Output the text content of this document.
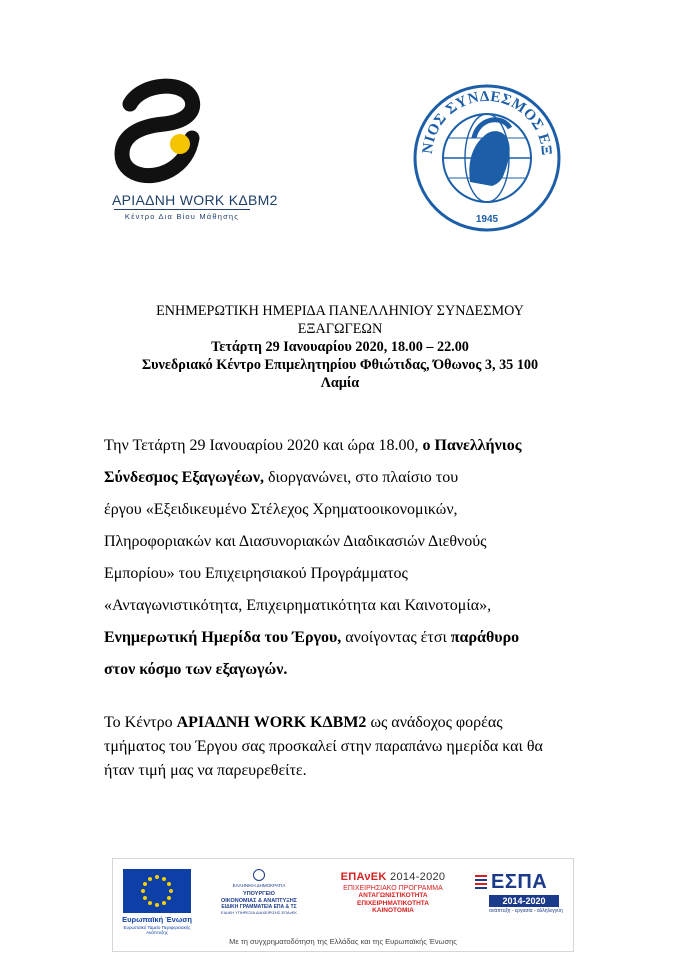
ΑΡΙΑΔΝΗ WORK ΚΔΒΜ2
Κέντρο Δια Βίου Μάθησης
ΝΙΟΣ ΣΥΝΔΕΣΜΟΣ ΕΞ
1945
ΕΝΗΜΕΡΩΤΙΚΗ ΗΜΕΡΙΔΑ ΠΑΝΕΛΛΗΝΙΟΥ ΣΥΝΔΕΣΜΟΥ
ΕΞΑΓΩΓΕΩΝ
Τετάρτη 29 Ιανουαρίου 2020, 18.00 – 22.00
Συνεδριακό Κέντρο Επιμελητηρίου Φθιώτιδας, Όθωνος 3, 35 100
Λαμία
Την Τετάρτη 29 Ιανουαρίου 2020 και ώρα 18.00, ο Πανελλήνιος
Σύνδεσμος Εξαγωγέων, διοργανώνει, στο πλαίσιο του
έργου «Εξειδικευμένο Στέλεχος Χρηματοοικονομικών,
Πληροφοριακών και Διασυνοριακών Διαδικασιών Διεθνούς
Εμπορίου» του Επιχειρησιακού Προγράμματος
«Ανταγωνιστικότητα, Επιχειρηματικότητα και Καινοτομία»,
Ενημερωτική Ημερίδα του Έργου, ανοίγοντας έτσι παράθυρο
στον κόσμο των εξαγωγών.
Το Κέντρο ΑΡΙΑΔΝΗ WORK ΚΔΒΜ2 ως ανάδοχος φορέας
τμήματος του Έργου σας προσκαλεί στην παραπάνω ημερίδα και θα
ήταν τιμή μας να παρευρεθείτε.
Ευρωπαϊκή Ένωση
Ευρωπαϊκό Ταμείο Περιφερειακής Ανάπτυξης
ΕΛΛΗΝΙΚΗ ΔΗΜΟΚΡΑΤΙΑ
ΥΠΟΥΡΓΕΙΟ
ΟΙΚΟΝΟΜΙΑΣ & ΑΝΑΠΤΥΞΗΣ
ΕΙΔΙΚΗ ΓΡΑΜΜΑΤΕΙΑ ΕΠΑ & ΤΣ
ΕΙΔΙΚΗ ΥΠΗΡΕΣΙΑ ΔΙΑΧΕΙΡΙΣΗΣ ΕΠΑνΕΚ
ΕΠΑνΕΚ 2014-2020
ΕΠΙΧΕΙΡΗΣΙΑΚΟ ΠΡΟΓΡΑΜΜΑ
ΑΝΤΑΓΩΝΙΣΤΙΚΟΤΗΤΑ
ΕΠΙΧΕΙΡΗΜΑΤΙΚΟΤΗΤΑ
ΚΑΙΝΟΤΟΜΙΑ
ΕΣΠΑ
2014-2020
ανάπτυξη - εργασία - αλληλεγγύη
Με τη συγχρηματοδότηση της Ελλάδας και της Ευρωπαϊκής Ένωσης
